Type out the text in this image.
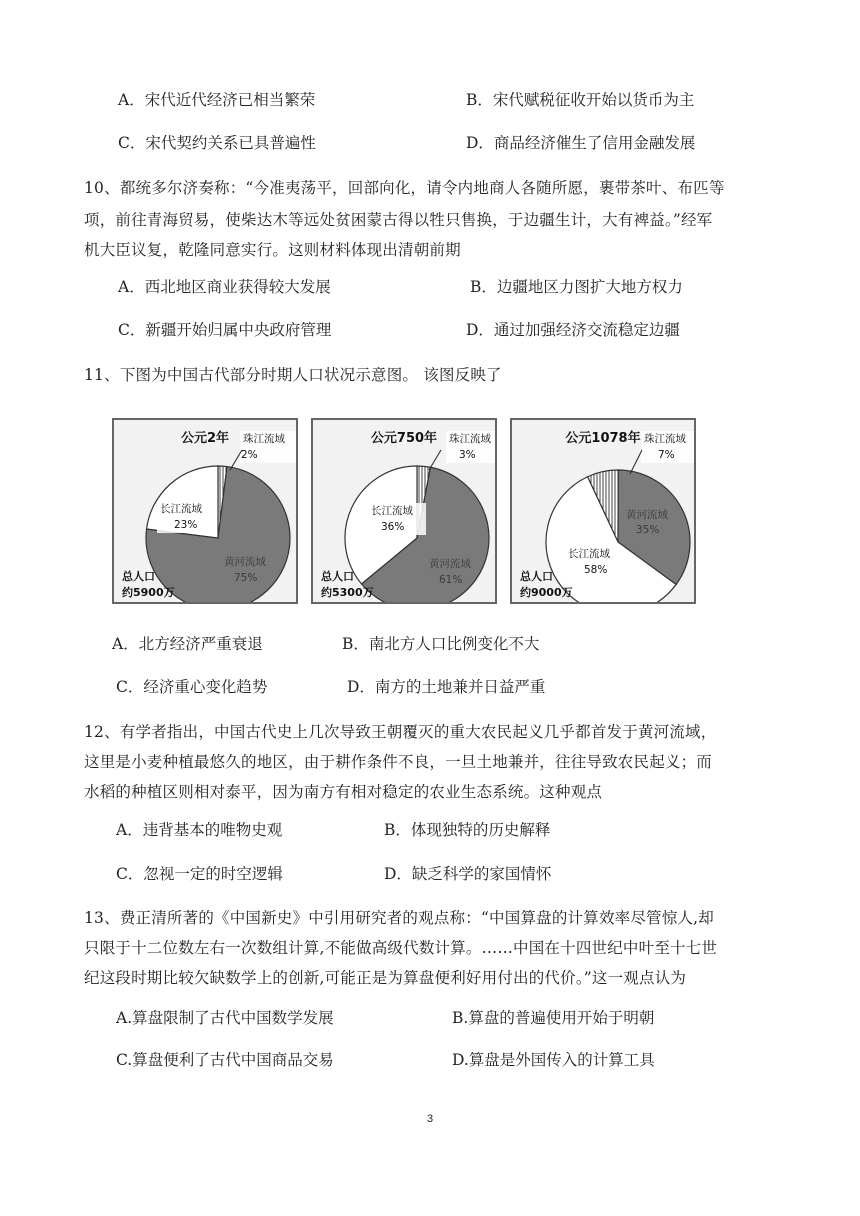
A．宋代近代经济已相当繁荣	B．宋代赋税征收开始以货币为主
C．宋代契约关系已具普遍性	D．商品经济催生了信用金融发展
10、都统多尔济奏称：“今准夷荡平，回部向化，请令内地商人各随所愿，裹带茶叶、布匹等
项，前往青海贸易，使柴达木等远处贫困蒙古得以牲只售换，于边疆生计，大有裨益。”经军
机大臣议复，乾隆同意实行。这则材料体现出清朝前期
A．西北地区商业获得较大发展	B．边疆地区力图扩大地方权力
C．新疆开始归属中央政府管理	D．通过加强经济交流稳定边疆
11、下图为中国古代部分时期人口状况示意图。 该图反映了
公元2年 珠江流域
2%
长江流域
23%
黄河流域
75%
总人口
约5900万
公元750年 珠江流域
3%
长江流域
36%
黄河流域
61%
总人口
约5300万
公元1078年 珠江流域
7%
黄河流域
35%
长江流域
58%
总人口
约9000万
A．北方经济严重衰退	B．南北方人口比例变化不大
C．经济重心变化趋势	D．南方的土地兼并日益严重
12、有学者指出，中国古代史上几次导致王朝覆灭的重大农民起义几乎都首发于黄河流域，
这里是小麦种植最悠久的地区，由于耕作条件不良，一旦土地兼并，往往导致农民起义；而
水稻的种植区则相对泰平，因为南方有相对稳定的农业生态系统。这种观点
A．违背基本的唯物史观	B．体现独特的历史解释
C．忽视一定的时空逻辑	D．缺乏科学的家国情怀
13、费正清所著的《中国新史》中引用研究者的观点称：“中国算盘的计算效率尽管惊人,却
只限于十二位数左右一次数组计算,不能做高级代数计算。……中国在十四世纪中叶至十七世
纪这段时期比较欠缺数学上的创新,可能正是为算盘便利好用付出的代价。”这一观点认为
A.算盘限制了古代中国数学发展	B.算盘的普遍使用开始于明朝
C.算盘便利了古代中国商品交易	D.算盘是外国传入的计算工具
3
